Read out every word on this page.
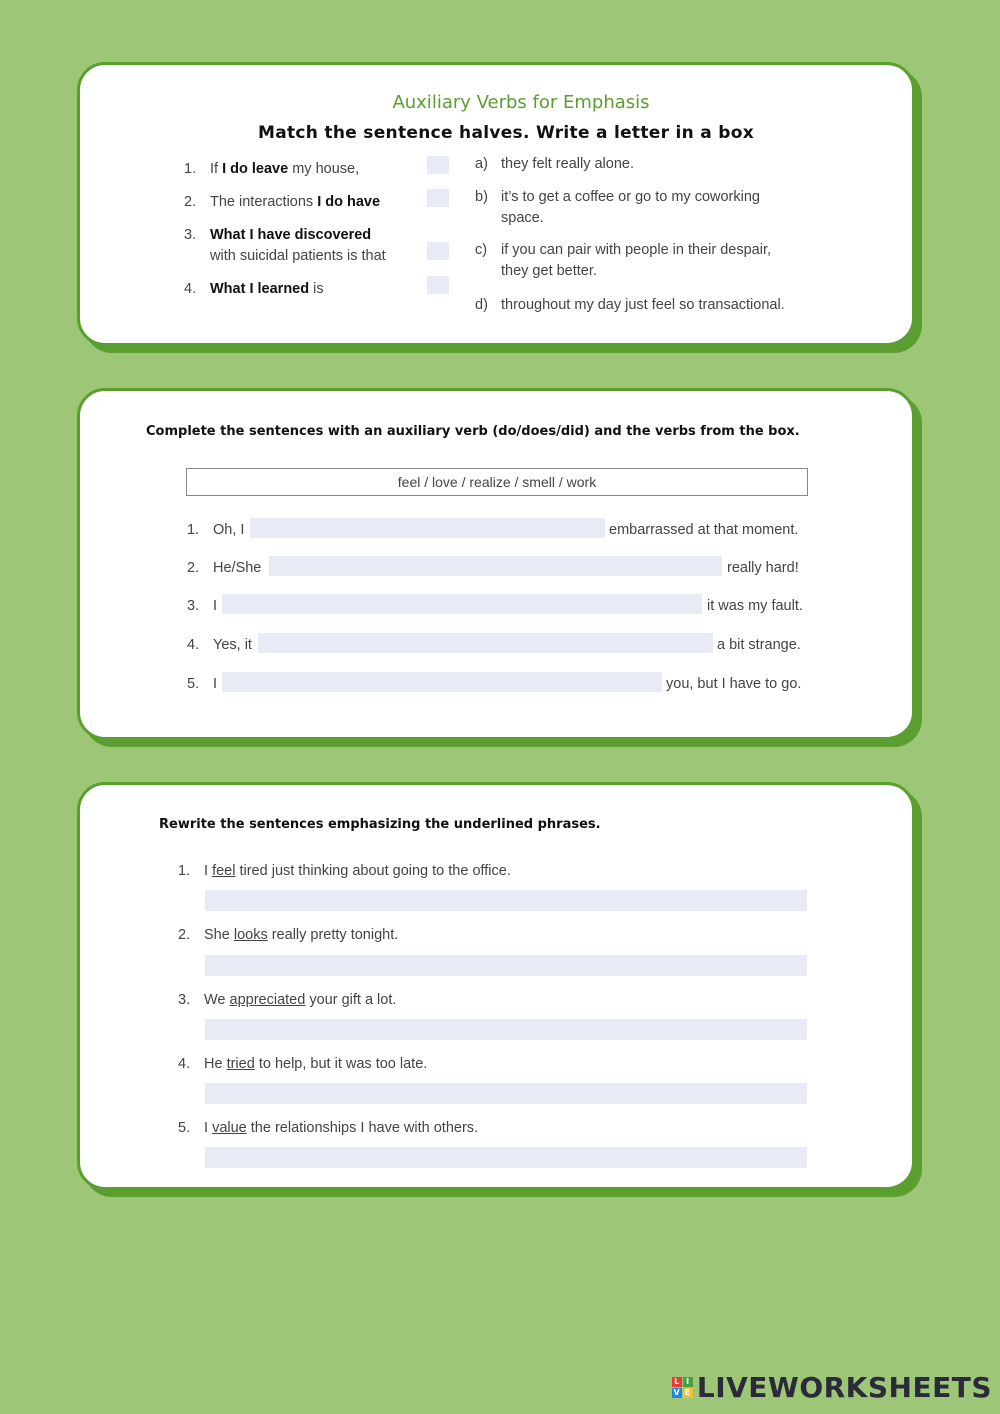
Auxiliary Verbs for Emphasis
Match the sentence halves. Write a letter in a box
1. If I do leave my house,
2. The interactions I do have
3. What I have discovered
with suicidal patients is that
4. What I learned is
a) they felt really alone.
b) it’s to get a coffee or go to my coworking
space.
c) if you can pair with people in their despair,
they get better.
d) throughout my day just feel so transactional.
Complete the sentences with an auxiliary verb (do/does/did) and the verbs from the box.
feel / love / realize / smell / work
1. Oh, I	embarrassed at that moment.
2. He/She	really hard!
3. I	it was my fault.
4. Yes, it	a bit strange.
5. I	you, but I have to go.
Rewrite the sentences emphasizing the underlined phrases.
1. I feel tired just thinking about going to the office.
2. She looks really pretty tonight.
3. We appreciated your gift a lot.
4. He tried to help, but it was too late.
5. I value the relationships I have with others.
L I
V E LIVEWORKSHEETS
